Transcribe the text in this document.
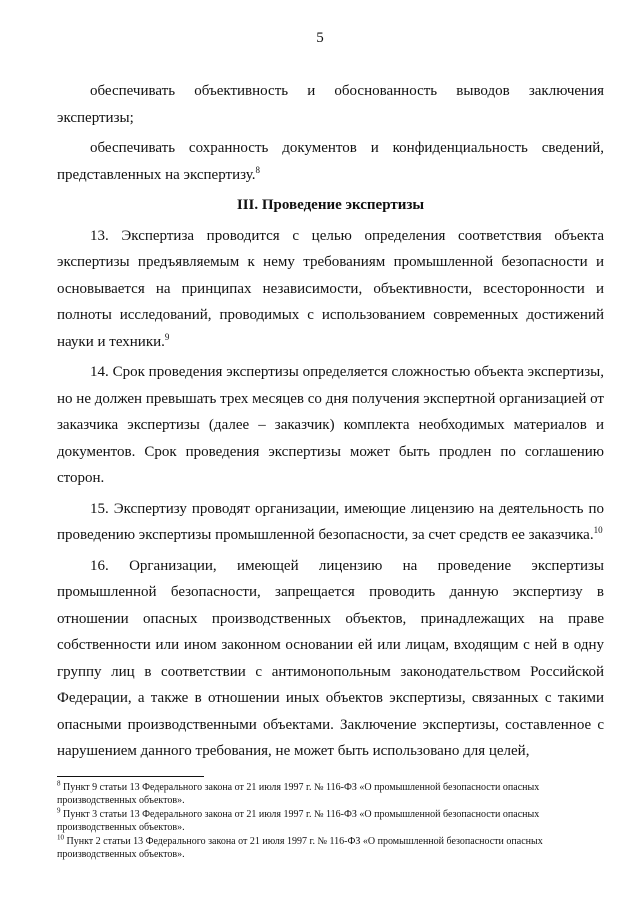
5

обеспечивать объективность и обоснованность выводов заключения экспертизы;

обеспечивать сохранность документов и конфиденциальность сведений, представленных на экспертизу.$^8$

III. Проведение экспертизы

13. Экспертиза проводится с целью определения соответствия объекта экспертизы предъявляемым к нему требованиям промышленной безопасности и основывается на принципах независимости, объективности, всесторонности и полноты исследований, проводимых с использованием современных достижений науки и техники.$^9$

14. Срок проведения экспертизы определяется сложностью объекта экспертизы, но не должен превышать трех месяцев со дня получения экспертной организацией от заказчика экспертизы (далее – заказчик) комплекта необходимых материалов и документов. Срок проведения экспертизы может быть продлен по соглашению сторон.

15. Экспертизу проводят организации, имеющие лицензию на деятельность по проведению экспертизы промышленной безопасности, за счет средств ее заказчика.$^{10}$

16. Организации, имеющей лицензию на проведение экспертизы промышленной безопасности, запрещается проводить данную экспертизу в отношении опасных производственных объектов, принадлежащих на праве собственности или ином законном основании ей или лицам, входящим с ней в одну группу лиц в соответствии с антимонопольным законодательством Российской Федерации, а также в отношении иных объектов экспертизы, связанных с такими опасными производственными объектами. Заключение экспертизы, составленное с нарушением данного требования, не может быть использовано для целей,

$^8$ Пункт 9 статьи 13 Федерального закона от 21 июля 1997 г. № 116-ФЗ «О промышленной безопасности опасных производственных объектов».

$^9$ Пункт 3 статьи 13 Федерального закона от 21 июля 1997 г. № 116-ФЗ «О промышленной безопасности опасных производственных объектов».

$^{10}$ Пункт 2 статьи 13 Федерального закона от 21 июля 1997 г. № 116-ФЗ «О промышленной безопасности опасных производственных объектов».
